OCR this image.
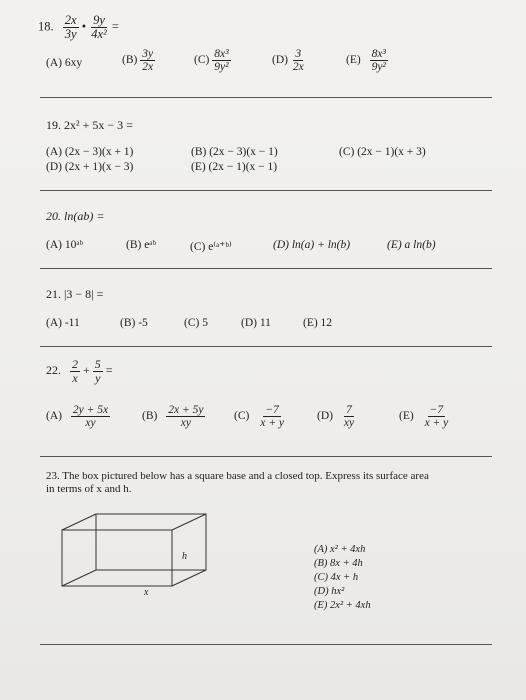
18. $\frac{2x}{3y}$ • $\frac{9y}{\text{4x²}}$ =
(A) 6xy	$(B) \frac{3y}{2x}$	$(C) \frac{\text{8x³}}{\text{9y²}}$	$(D) \frac{3}{2x}$	$(E) \frac{\text{8x³}}{\text{9y²}}$
19. 2x² + 5x − 3 =
(A) (2x − 3)(x + 1)	(B) (2x − 3)(x − 1)	(C) (2x − 1)(x + 3)
(D) (2x + 1)(x − 3)	(E) (2x − 1)(x − 1)
20. ln(ab) =
(A) 10ᵃᵇ	(B) eᵃᵇ	(C) e⁽ᵃ⁺ᵇ⁾	(D) ln(a) + ln(b)	(E) a ln(b)
21. |3 − 8| =
(A) -11	(B) -5	(C) 5	(D) 11	(E) 12
22. $\frac{2}{x} + \frac{5}{y}$ =
$(A) \frac{2y + 5x}{xy}$	$(B) \frac{2x + 5y}{xy} (C) \frac{-7}{x + y}$	$(D) \frac{7}{xy}$	$(E) \frac{-7}{x + y}$
23. The box pictured below has a square base and a closed top. Express its surface area
in terms of x and h.
h
x
(A) x² + 4xh
(B) 8x + 4h
(C) 4x + h
(D) hx²
(E) 2x² + 4xh
